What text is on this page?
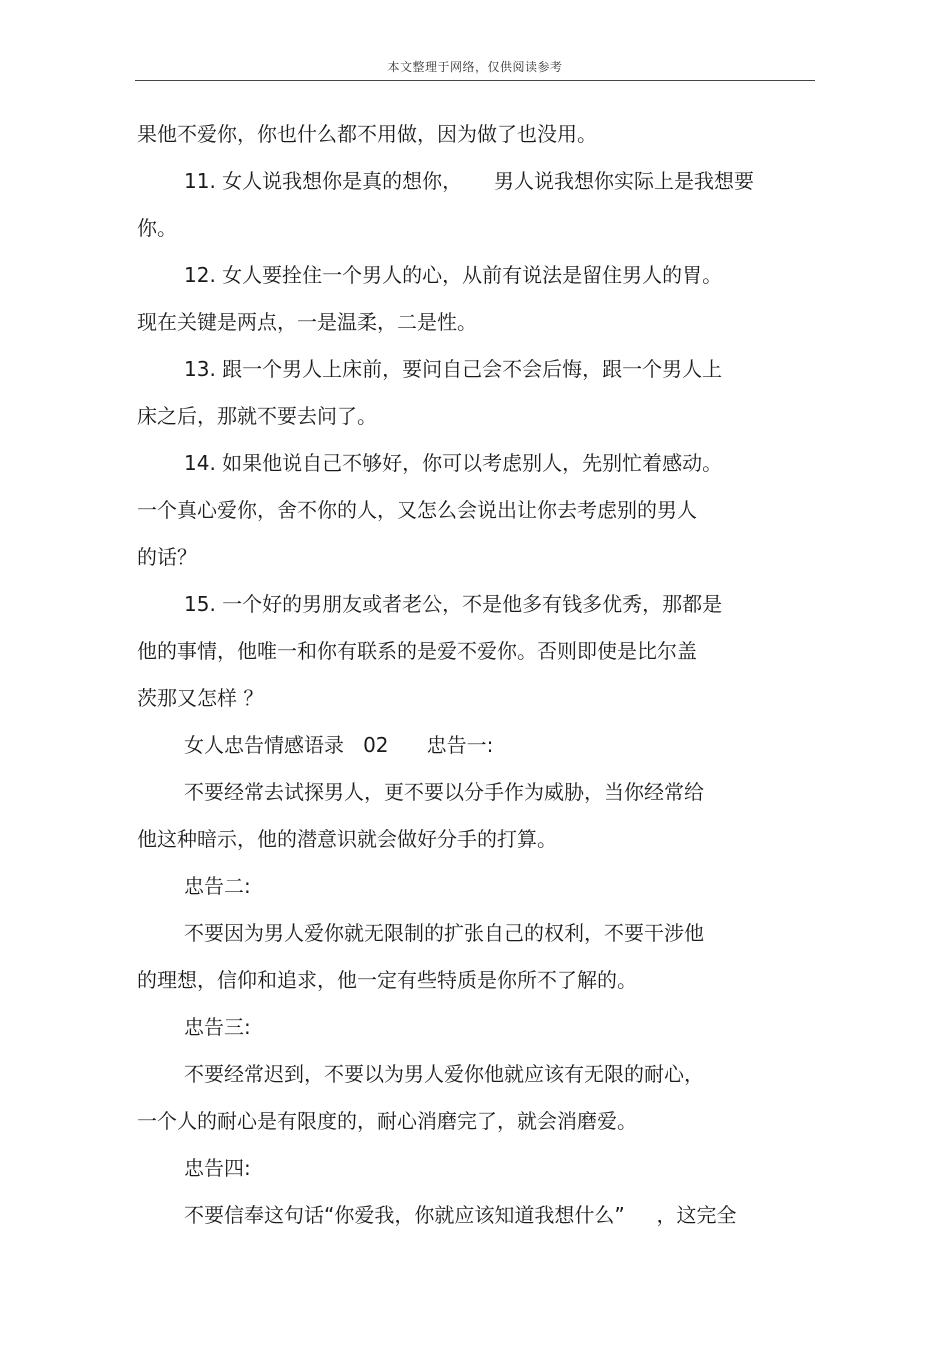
本文整理于网络，仅供阅读参考
果他不爱你，你也什么都不用做，因为做了也没用。
11. 女人说我想你是真的想你，     男人说我想你实际上是我想要
你。
12. 女人要拴住一个男人的心，从前有说法是留住男人的胃。
现在关键是两点，一是温柔，二是性。
13. 跟一个男人上床前，要问自己会不会后悔，跟一个男人上
床之后，那就不要去问了。
14. 如果他说自己不够好，你可以考虑别人，先别忙着感动。
一个真心爱你，舍不你的人，又怎么会说出让你去考虑别的男人
的话？
15. 一个好的男朋友或者老公，不是他多有钱多优秀，那都是
他的事情，他唯一和你有联系的是爱不爱你。否则即使是比尔盖
茨那又怎样 ？
女人忠告情感语录   02      忠告一:
不要经常去试探男人，更不要以分手作为威胁，当你经常给
他这种暗示，他的潜意识就会做好分手的打算。
忠告二:
不要因为男人爱你就无限制的扩张自己的权利，不要干涉他
的理想，信仰和追求，他一定有些特质是你所不了解的。
忠告三:
不要经常迟到，不要以为男人爱你他就应该有无限的耐心，
一个人的耐心是有限度的，耐心消磨完了，就会消磨爱。
忠告四:
不要信奉这句话“你爱我，你就应该知道我想什么”     ，这完全
